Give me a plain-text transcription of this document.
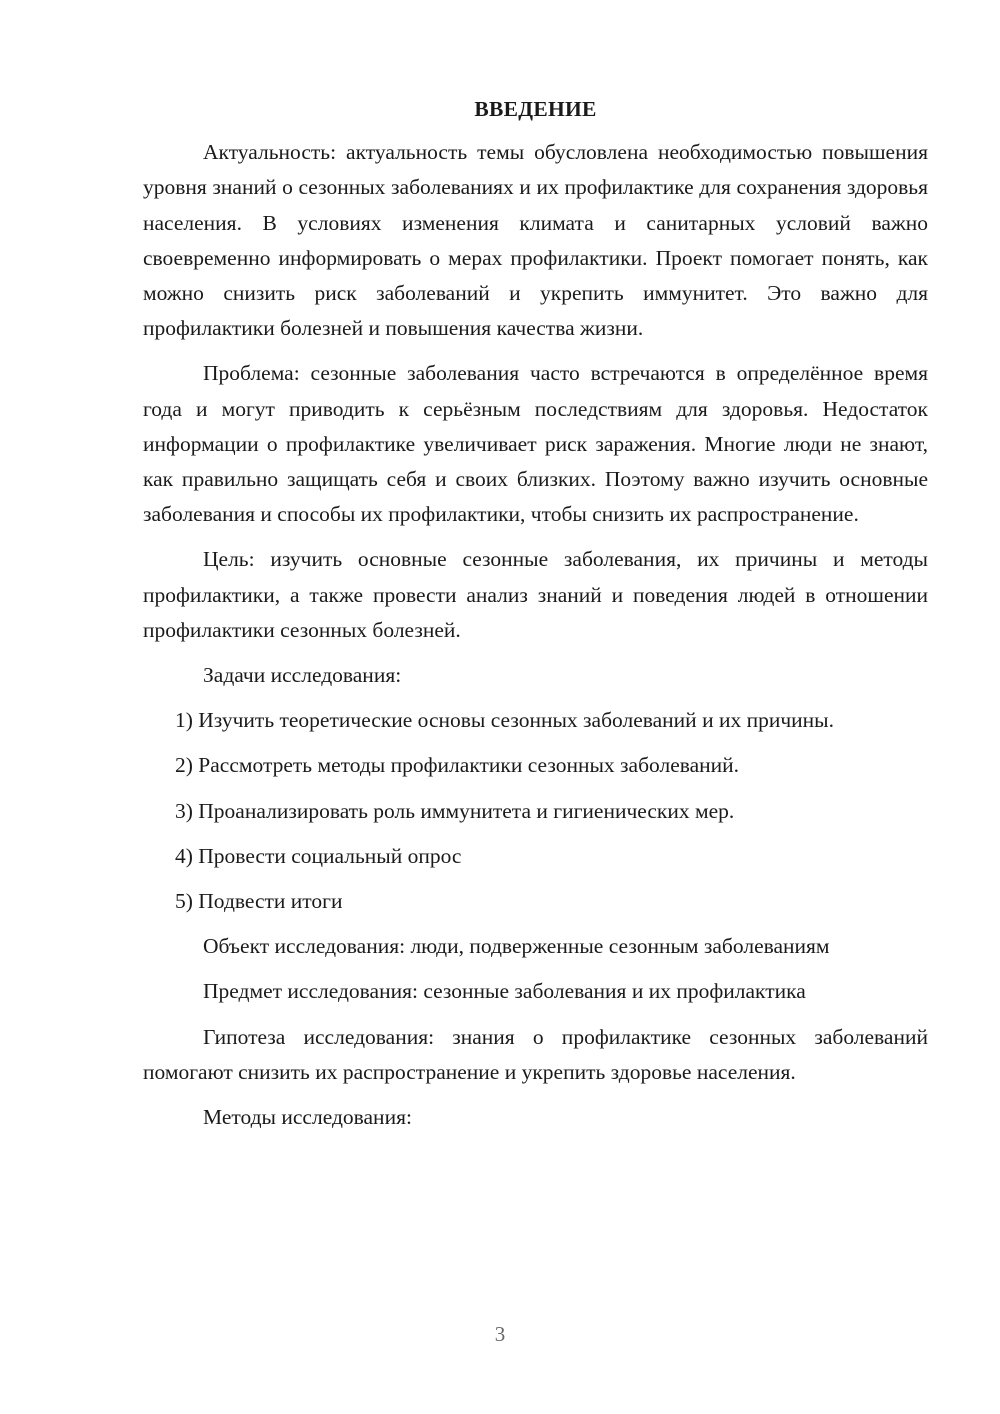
ВВЕДЕНИЕ

Актуальность: актуальность темы обусловлена необходимостью повышения уровня знаний о сезонных заболеваниях и их профилактике для сохранения здоровья населения. В условиях изменения климата и санитарных условий важно своевременно информировать о мерах профилактики. Проект помогает понять, как можно снизить риск заболеваний и укрепить иммунитет. Это важно для профилактики болезней и повышения качества жизни.

Проблема: сезонные заболевания часто встречаются в определённое время года и могут приводить к серьёзным последствиям для здоровья. Недостаток информации о профилактике увеличивает риск заражения. Многие люди не знают, как правильно защищать себя и своих близких. Поэтому важно изучить основные заболевания и способы их профилактики, чтобы снизить их распространение.

Цель: изучить основные сезонные заболевания, их причины и методы профилактики, а также провести анализ знаний и поведения людей в отношении профилактики сезонных болезней.

Задачи исследования:

1) Изучить теоретические основы сезонных заболеваний и их причины.

2) Рассмотреть методы профилактики сезонных заболеваний.

3) Проанализировать роль иммунитета и гигиенических мер.

4) Провести социальный опрос

5) Подвести итоги

Объект исследования: люди, подверженные сезонным заболеваниям

Предмет исследования: сезонные заболевания и их профилактика

Гипотеза исследования: знания о профилактике сезонных заболеваний помогают снизить их распространение и укрепить здоровье населения.

Методы исследования:

3
